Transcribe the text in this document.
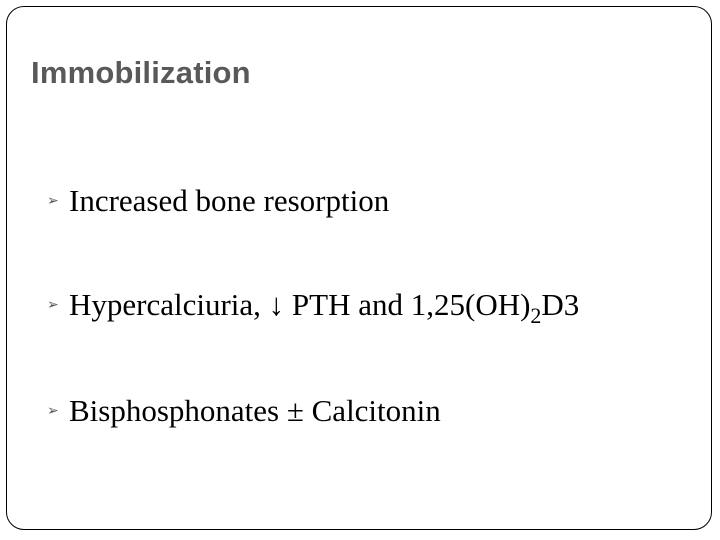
Immobilization
➢ Increased bone resorption
➢ Hypercalciuria, ↓ PTH and $1,25(OH)_2D3$
➢ Bisphosphonates ± Calcitonin
